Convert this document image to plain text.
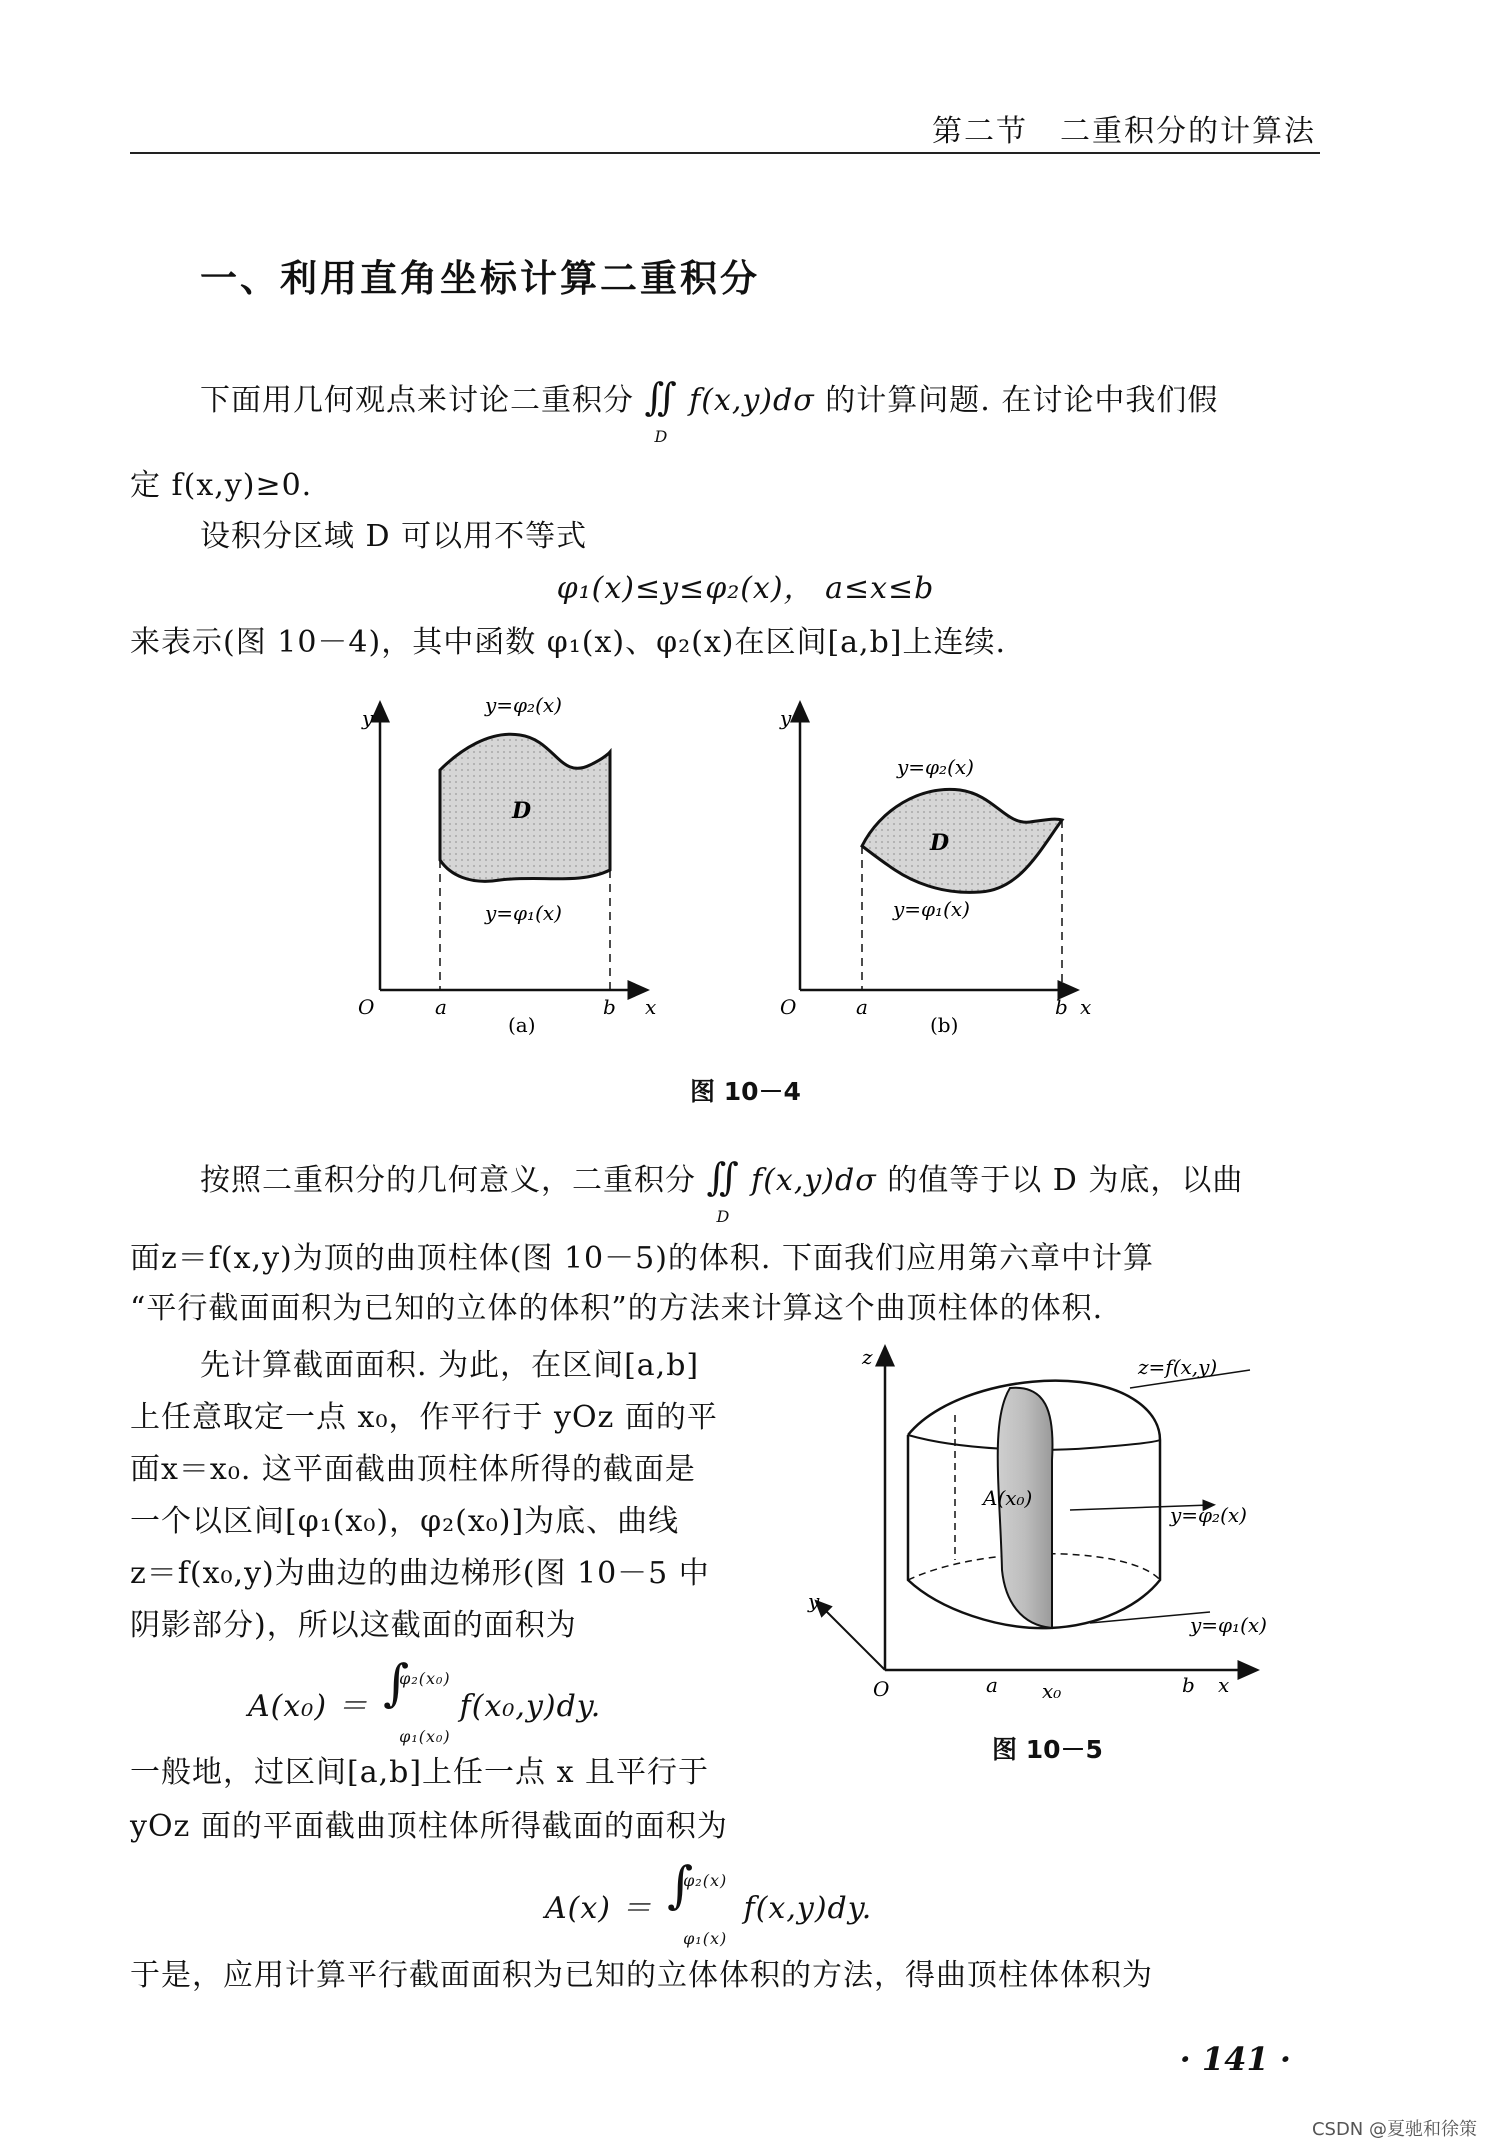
第二节　二重积分的计算法
一、利用直角坐标计算二重积分
下面用几何观点来讨论二重积分 ∬
D
f(x,y)dσ 的计算问题. 在讨论中我们假
定 f(x,y)≥0.
设积分区域 D 可以用不等式
φ₁(x)≤y≤φ₂(x)， a≤x≤b
来表示(图 10－4)，其中函数 φ₁(x)、φ₂(x)在区间[a,b]上连续.
y
O	a	b x
y=φ₂(x)
y=φ₁(x)
D
(a)
y
O	a	b x
y=φ₂(x)
y=φ₁(x)
D
(b)
图 10－4
按照二重积分的几何意义，二重积分 ∬
D
f(x,y)dσ 的值等于以 D 为底，以曲
面z＝f(x,y)为顶的曲顶柱体(图 10－5)的体积. 下面我们应用第六章中计算
“平行截面面积为已知的立体的体积”的方法来计算这个曲顶柱体的体积.
先计算截面面积. 为此，在区间[a,b]
上任意取定一点 x₀，作平行于 yOz 面的平
面x＝x₀. 这平面截曲顶柱体所得的截面是
一个以区间[φ₁(x₀)，φ₂(x₀)]为底、曲线
z＝f(x₀,y)为曲边的曲边梯形(图 10－5 中
阴影部分)，所以这截面的面积为
A(x₀) ＝ ∫
φ₂(x₀)
φ₁(x₀)
f(x₀,y)dy.
一般地，过区间[a,b]上任一点 x 且平行于
yOz 面的平面截曲顶柱体所得截面的面积为
A(x) ＝ ∫
φ₂(x)
φ₁(x)
f(x,y)dy.
于是，应用计算平行截面面积为已知的立体体积的方法，得曲顶柱体体积为
z
y
O	a x₀	b x
z=f(x,y)
A(x₀)
y=φ₂(x)
y=φ₁(x)
图 10－5
· 141 ·
CSDN @夏驰和徐策
